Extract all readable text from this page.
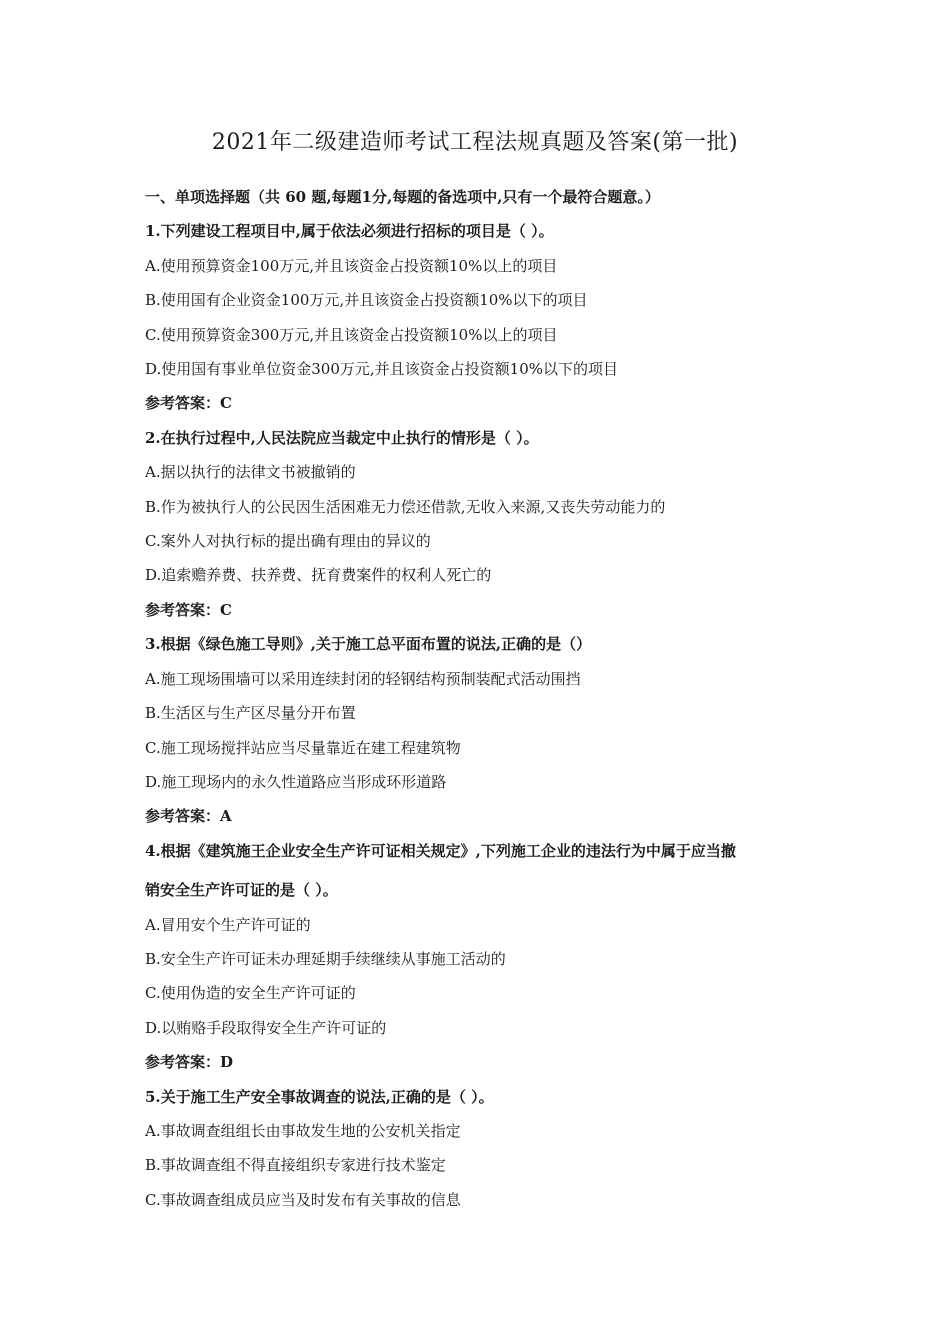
2021年二级建造师考试工程法规真题及答案(第一批)
一、单项选择题（共 60 题,每题1分,每题的备选项中,只有一个最符合题意。）
1.下列建设工程项目中,属于依法必须进行招标的项目是（ ）。
A.使用预算资金100万元,并且该资金占投资额10%以上的项目
B.使用国有企业资金100万元,并且该资金占投资额10%以下的项目
C.使用预算资金300万元,并且该资金占投资额10%以上的项目
D.使用国有事业单位资金300万元,并且该资金占投资额10%以下的项目
参考答案：C
2.在执行过程中,人民法院应当裁定中止执行的情形是（ ）。
A.据以执行的法律文书被撤销的
B.作为被执行人的公民因生活困难无力偿还借款,无收入来源,又丧失劳动能力的
C.案外人对执行标的提出确有理由的异议的
D.追索赡养费、扶养费、抚育费案件的权利人死亡的
参考答案：C
3.根据《绿色施工导则》,关于施工总平面布置的说法,正确的是（）
A.施工现场围墙可以采用连续封闭的轻钢结构预制装配式活动围挡
B.生活区与生产区尽量分开布置
C.施工现场搅拌站应当尽量靠近在建工程建筑物
D.施工现场内的永久性道路应当形成环形道路
参考答案：A
4.根据《建筑施王企业安全生产许可证相关规定》,下列施工企业的违法行为中属于应当撤
销安全生产许可证的是（ ）。
A.冒用安个生产许可证的
B.安全生产许可证未办理延期手续继续从事施工活动的
C.使用伪造的安全生产许可证的
D.以贿赂手段取得安全生产许可证的
参考答案：D
5.关于施工生产安全事故调查的说法,正确的是（ ）。
A.事故调查组组长由事故发生地的公安机关指定
B.事故调查组不得直接组织专家进行技术鉴定
C.事故调查组成员应当及时发布有关事故的信息
